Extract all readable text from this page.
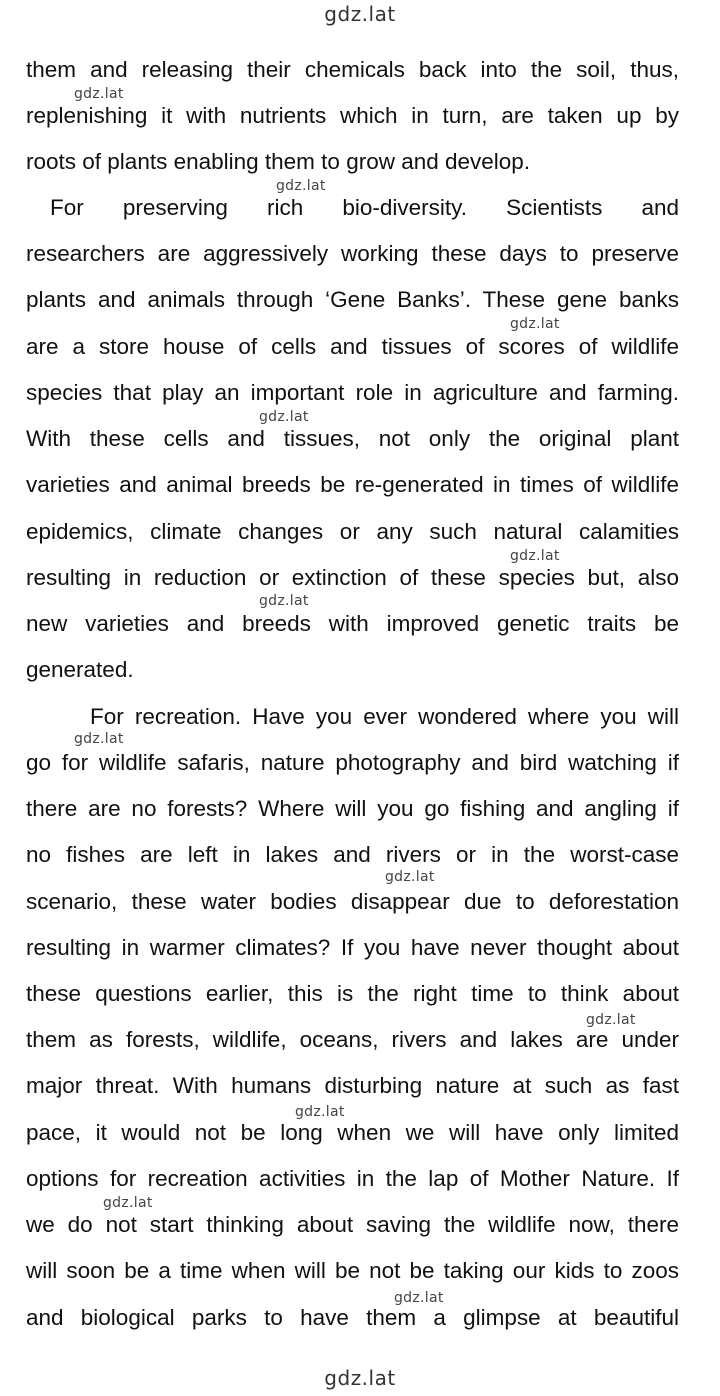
gdz.lat
them and releasing their chemicals back into the soil, thus,
replenishing it with nutrients which in turn, are taken up by
roots of plants enabling them to grow and develop.
For preserving rich bio-diversity. Scientists and
researchers are aggressively working these days to preserve
plants and animals through ‘Gene Banks’. These gene banks
are a store house of cells and tissues of scores of wildlife
species that play an important role in agriculture and farming.
With these cells and tissues, not only the original plant
varieties and animal breeds be re-generated in times of wildlife
epidemics, climate changes or any such natural calamities
resulting in reduction or extinction of these species but, also
new varieties and breeds with improved genetic traits be
generated.
For recreation. Have you ever wondered where you will
go for wildlife safaris, nature photography and bird watching if
there are no forests? Where will you go fishing and angling if
no fishes are left in lakes and rivers or in the worst-case
scenario, these water bodies disappear due to deforestation
resulting in warmer climates? If you have never thought about
these questions earlier, this is the right time to think about
them as forests, wildlife, oceans, rivers and lakes are under
major threat. With humans disturbing nature at such as fast
pace, it would not be long when we will have only limited
options for recreation activities in the lap of Mother Nature. If
we do not start thinking about saving the wildlife now, there
will soon be a time when will be not be taking our kids to zoos
and biological parks to have them a glimpse at beautiful
gdz.lat
gdz.lat
gdz.lat
gdz.lat
gdz.lat
gdz.lat
gdz.lat
gdz.lat
gdz.lat
gdz.lat
gdz.lat
gdz.lat
gdz.lat
